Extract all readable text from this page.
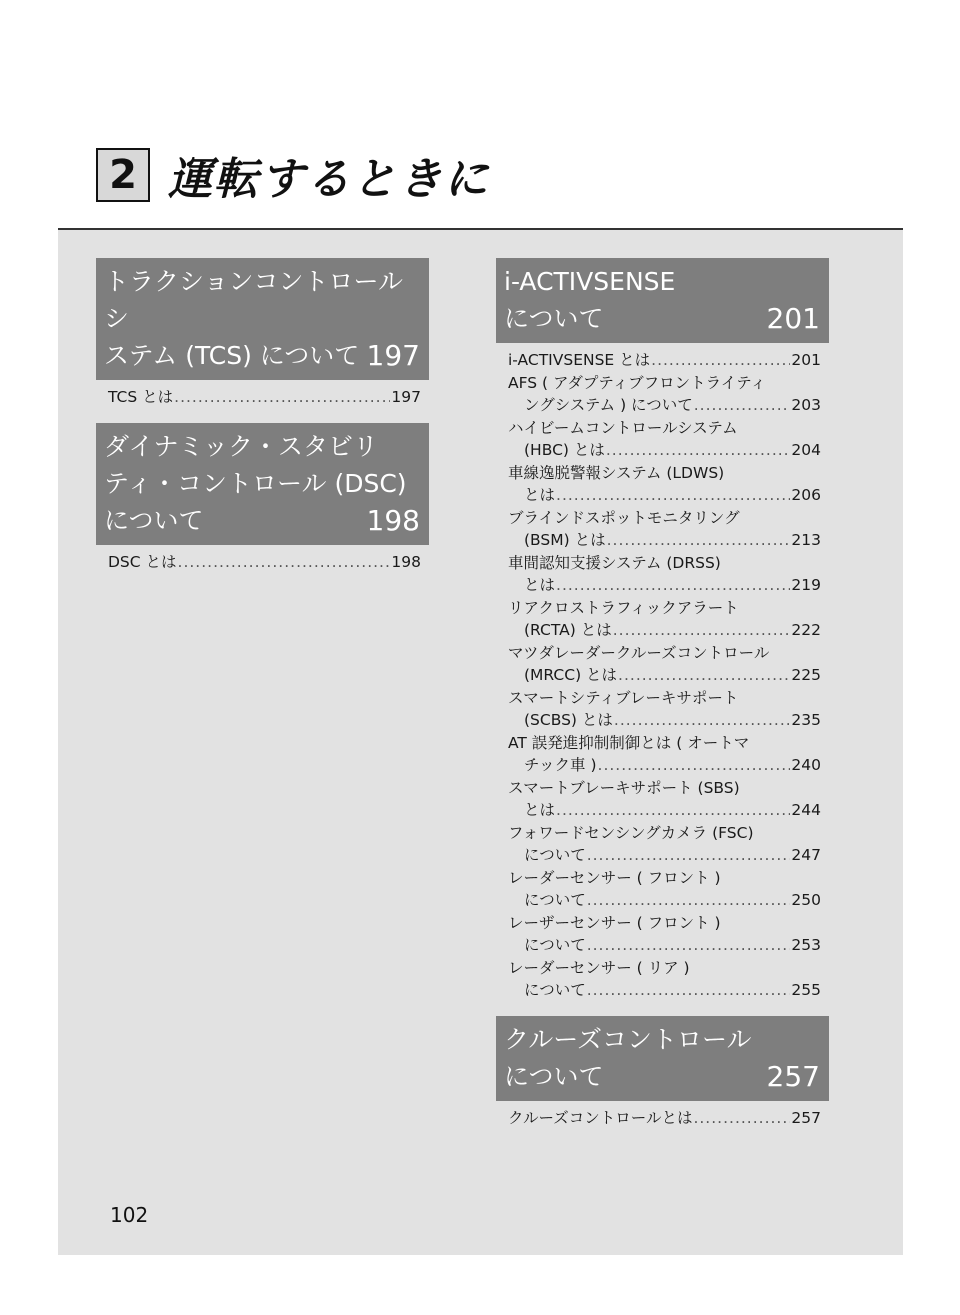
2 運転するときに
トラクションコントロールシ
ステム (TCS) について 197
TCS とは .....	197
ダイナミック・スタビリ
ティ・コントロール (DSC)
について	198
DSC とは .....	198
i-ACTIVSENSE
について	201
i-ACTIVSENSE とは .....	201
AFS ( アダプティブフロントライティ
ングシステム ) について .....	203
ハイビームコントロールシステム
(HBC) とは .....	204
車線逸脱警報システム (LDWS)
とは .....	206
ブラインドスポットモニタリング
(BSM) とは .....	213
車間認知支援システム (DRSS)
とは .....	219
リアクロストラフィックアラート
(RCTA) とは .....	222
マツダレーダークルーズコントロール
(MRCC) とは .....	225
スマートシティブレーキサポート
(SCBS) とは .....	235
AT 誤発進抑制制御とは ( オートマ
チック車 ) .....	240
スマートブレーキサポート (SBS)
とは .....	244
フォワードセンシングカメラ (FSC)
について .....	247
レーダーセンサー ( フロント )
について .....	250
レーザーセンサー ( フロント )
について .....	253
レーダーセンサー ( リア )
について .....	255
クルーズコントロール
について	257
クルーズコントロールとは .....	257
102
